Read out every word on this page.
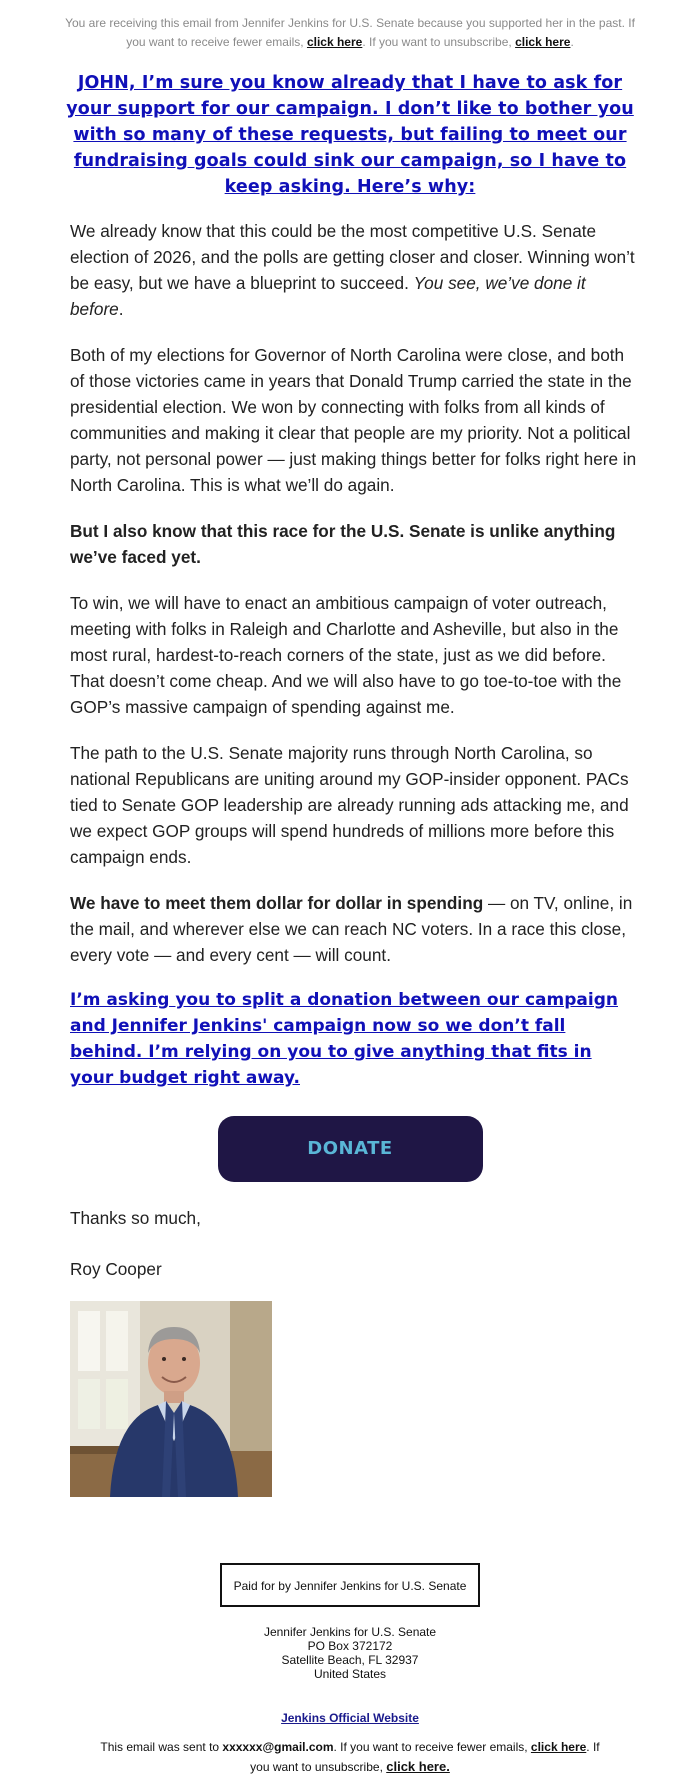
You are receiving this email from Jennifer Jenkins for U.S. Senate because you supported her in the past. If you want to receive fewer emails, click here. If you want to unsubscribe, click here.
JOHN, I’m sure you know already that I have to ask for your support for our campaign. I don’t like to bother you with so many of these requests, but failing to meet our fundraising goals could sink our campaign, so I have to keep asking. Here’s why:

We already know that this could be the most competitive U.S. Senate election of 2026, and the polls are getting closer and closer. Winning won’t be easy, but we have a blueprint to succeed. You see, we’ve done it before.

Both of my elections for Governor of North Carolina were close, and both of those victories came in years that Donald Trump carried the state in the presidential election. We won by connecting with folks from all kinds of communities and making it clear that people are my priority. Not a political party, not personal power — just making things better for folks right here in North Carolina. This is what we’ll do again.

But I also know that this race for the U.S. Senate is unlike anything we’ve faced yet.

To win, we will have to enact an ambitious campaign of voter outreach, meeting with folks in Raleigh and Charlotte and Asheville, but also in the most rural, hardest-to-reach corners of the state, just as we did before. That doesn’t come cheap. And we will also have to go toe-to-toe with the GOP’s massive campaign of spending against me.

The path to the U.S. Senate majority runs through North Carolina, so national Republicans are uniting around my GOP-insider opponent. PACs tied to Senate GOP leadership are already running ads attacking me, and we expect GOP groups will spend hundreds of millions more before this campaign ends.

We have to meet them dollar for dollar in spending — on TV, online, in the mail, and wherever else we can reach NC voters. In a race this close, every vote — and every cent — will count.

I’m asking you to split a donation between our campaign and Jennifer Jenkins' campaign now so we don’t fall behind. I’m relying on you to give anything that fits in your budget right away.

DONATE

Thanks so much,

Roy Cooper

Paid for by Jennifer Jenkins for U.S. Senate
Jennifer Jenkins for U.S. Senate
PO Box 372172
Satellite Beach, FL 32937
United States
Jenkins Official Website
This email was sent to xxxxxx@gmail.com. If you want to receive fewer emails, click here. If you want to unsubscribe, click here.
